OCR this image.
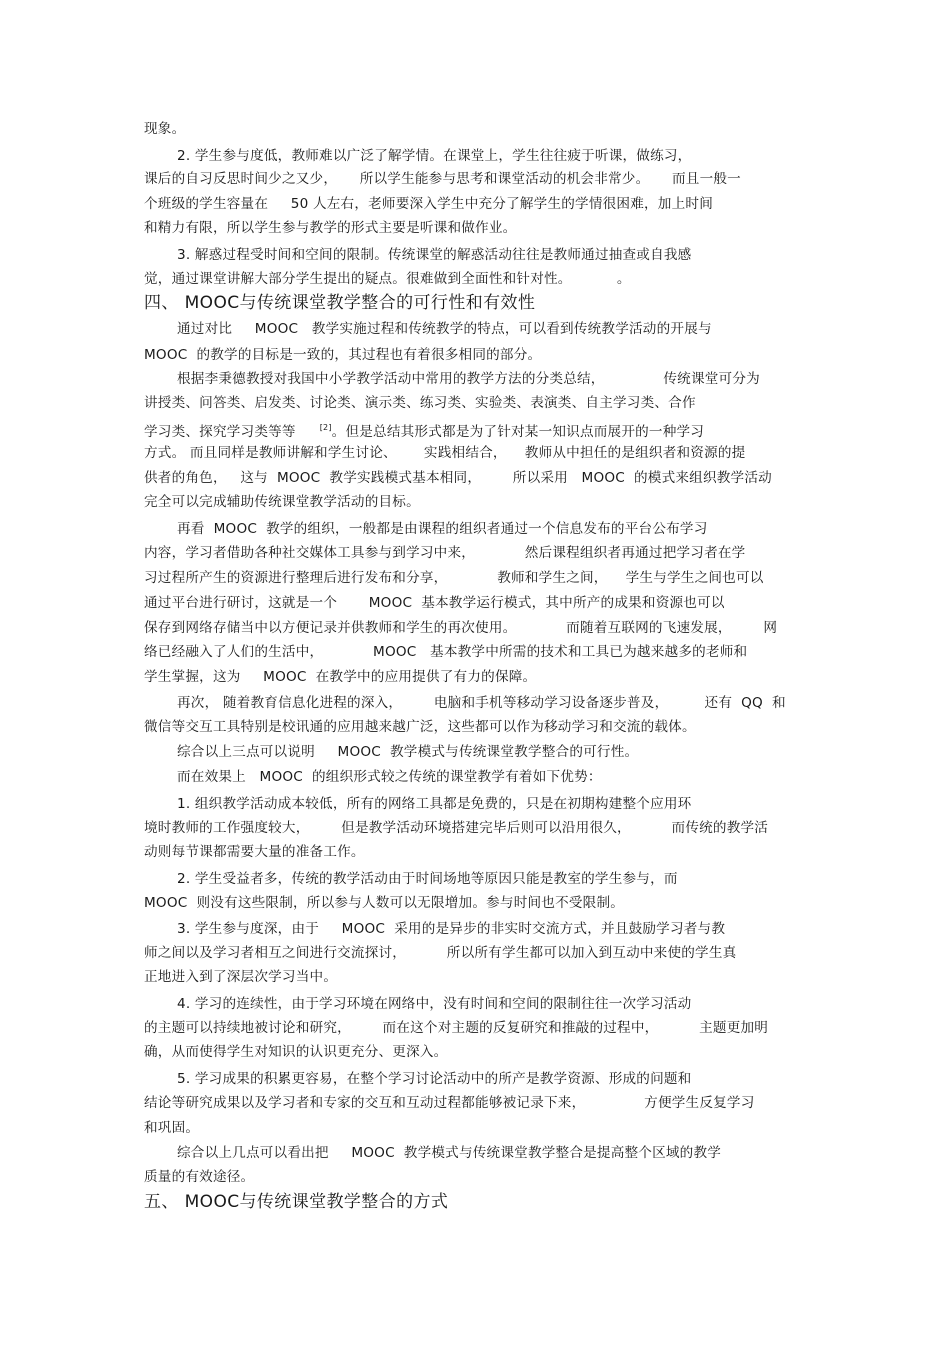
现象。

2. 学生参与度低，教师难以广泛了解学情。在课堂上，学生往往疲于听课，做练习，

课后的自习反思时间少之又少，     所以学生能参与思考和课堂活动的机会非常少。     而且一般一

个班级的学生容量在     50 人左右，老师要深入学生中充分了解学生的学情很困难，加上时间

和精力有限，所以学生参与教学的形式主要是听课和做作业。

3. 解惑过程受时间和空间的限制。传统课堂的解惑活动往往是教师通过抽查或自我感

觉，通过课堂讲解大部分学生提出的疑点。很难做到全面性和针对性。          。

四、 MOOC与传统课堂教学整合的可行性和有效性

通过对比     MOOC   教学实施过程和传统教学的特点，可以看到传统教学活动的开展与

MOOC  的教学的目标是一致的，其过程也有着很多相同的部分。

根据李秉德教授对我国中小学教学活动中常用的教学方法的分类总结，             传统课堂可分为

讲授类、问答类、启发类、讨论类、演示类、练习类、实验类、表演类、自主学习类、合作

学习类、探究学习类等等	[2]。但是总结其形式都是为了针对某一知识点而展开的一种学习

方式。 而且同样是教师讲解和学生讨论、      实践相结合，    教师从中担任的是组织者和资源的提

供者的角色，   这与  MOOC  教学实践模式基本相同，       所以采用   MOOC  的模式来组织教学活动

完全可以完成辅助传统课堂教学活动的目标。

再看  MOOC  教学的组织，一般都是由课程的组织者通过一个信息发布的平台公布学习

内容，学习者借助各种社交媒体工具参与到学习中来，           然后课程组织者再通过把学习者在学

习过程所产生的资源进行整理后进行发布和分享，           教师和学生之间，    学生与学生之间也可以

通过平台进行研讨，这就是一个       MOOC  基本教学运行模式，其中所产的成果和资源也可以

保存到网络存储当中以方便记录并供教师和学生的再次使用。           而随着互联网的飞速发展，       网

络已经融入了人们的生活中，           MOOC   基本教学中所需的技术和工具已为越来越多的老师和

学生掌握，这为     MOOC  在教学中的应用提供了有力的保障。

再次， 随着教育信息化进程的深入，       电脑和手机等移动学习设备逐步普及，        还有  QQ  和

微信等交互工具特别是校讯通的应用越来越广泛，这些都可以作为移动学习和交流的载体。

综合以上三点可以说明     MOOC  教学模式与传统课堂教学整合的可行性。

而在效果上   MOOC  的组织形式较之传统的课堂教学有着如下优势：

1. 组织教学活动成本较低，所有的网络工具都是免费的，只是在初期构建整个应用环

境时教师的工作强度较大，       但是教学活动环境搭建完毕后则可以沿用很久，         而传统的教学活

动则每节课都需要大量的准备工作。

2. 学生受益者多，传统的教学活动由于时间场地等原因只能是教室的学生参与，而

MOOC  则没有这些限制，所以参与人数可以无限增加。参与时间也不受限制。

3. 学生参与度深，由于     MOOC  采用的是异步的非实时交流方式，并且鼓励学习者与教

师之间以及学习者相互之间进行交流探讨，         所以所有学生都可以加入到互动中来使的学生真

正地进入到了深层次学习当中。

4. 学习的连续性，由于学习环境在网络中，没有时间和空间的限制往往一次学习活动

的主题可以持续地被讨论和研究，       而在这个对主题的反复研究和推敲的过程中，         主题更加明

确，从而使得学生对知识的认识更充分、更深入。

5. 学习成果的积累更容易，在整个学习讨论活动中的所产是教学资源、形成的问题和

结论等研究成果以及学习者和专家的交互和互动过程都能够被记录下来，             方便学生反复学习

和巩固。

综合以上几点可以看出把     MOOC  教学模式与传统课堂教学整合是提高整个区域的教学

质量的有效途径。

五、 MOOC与传统课堂教学整合的方式
